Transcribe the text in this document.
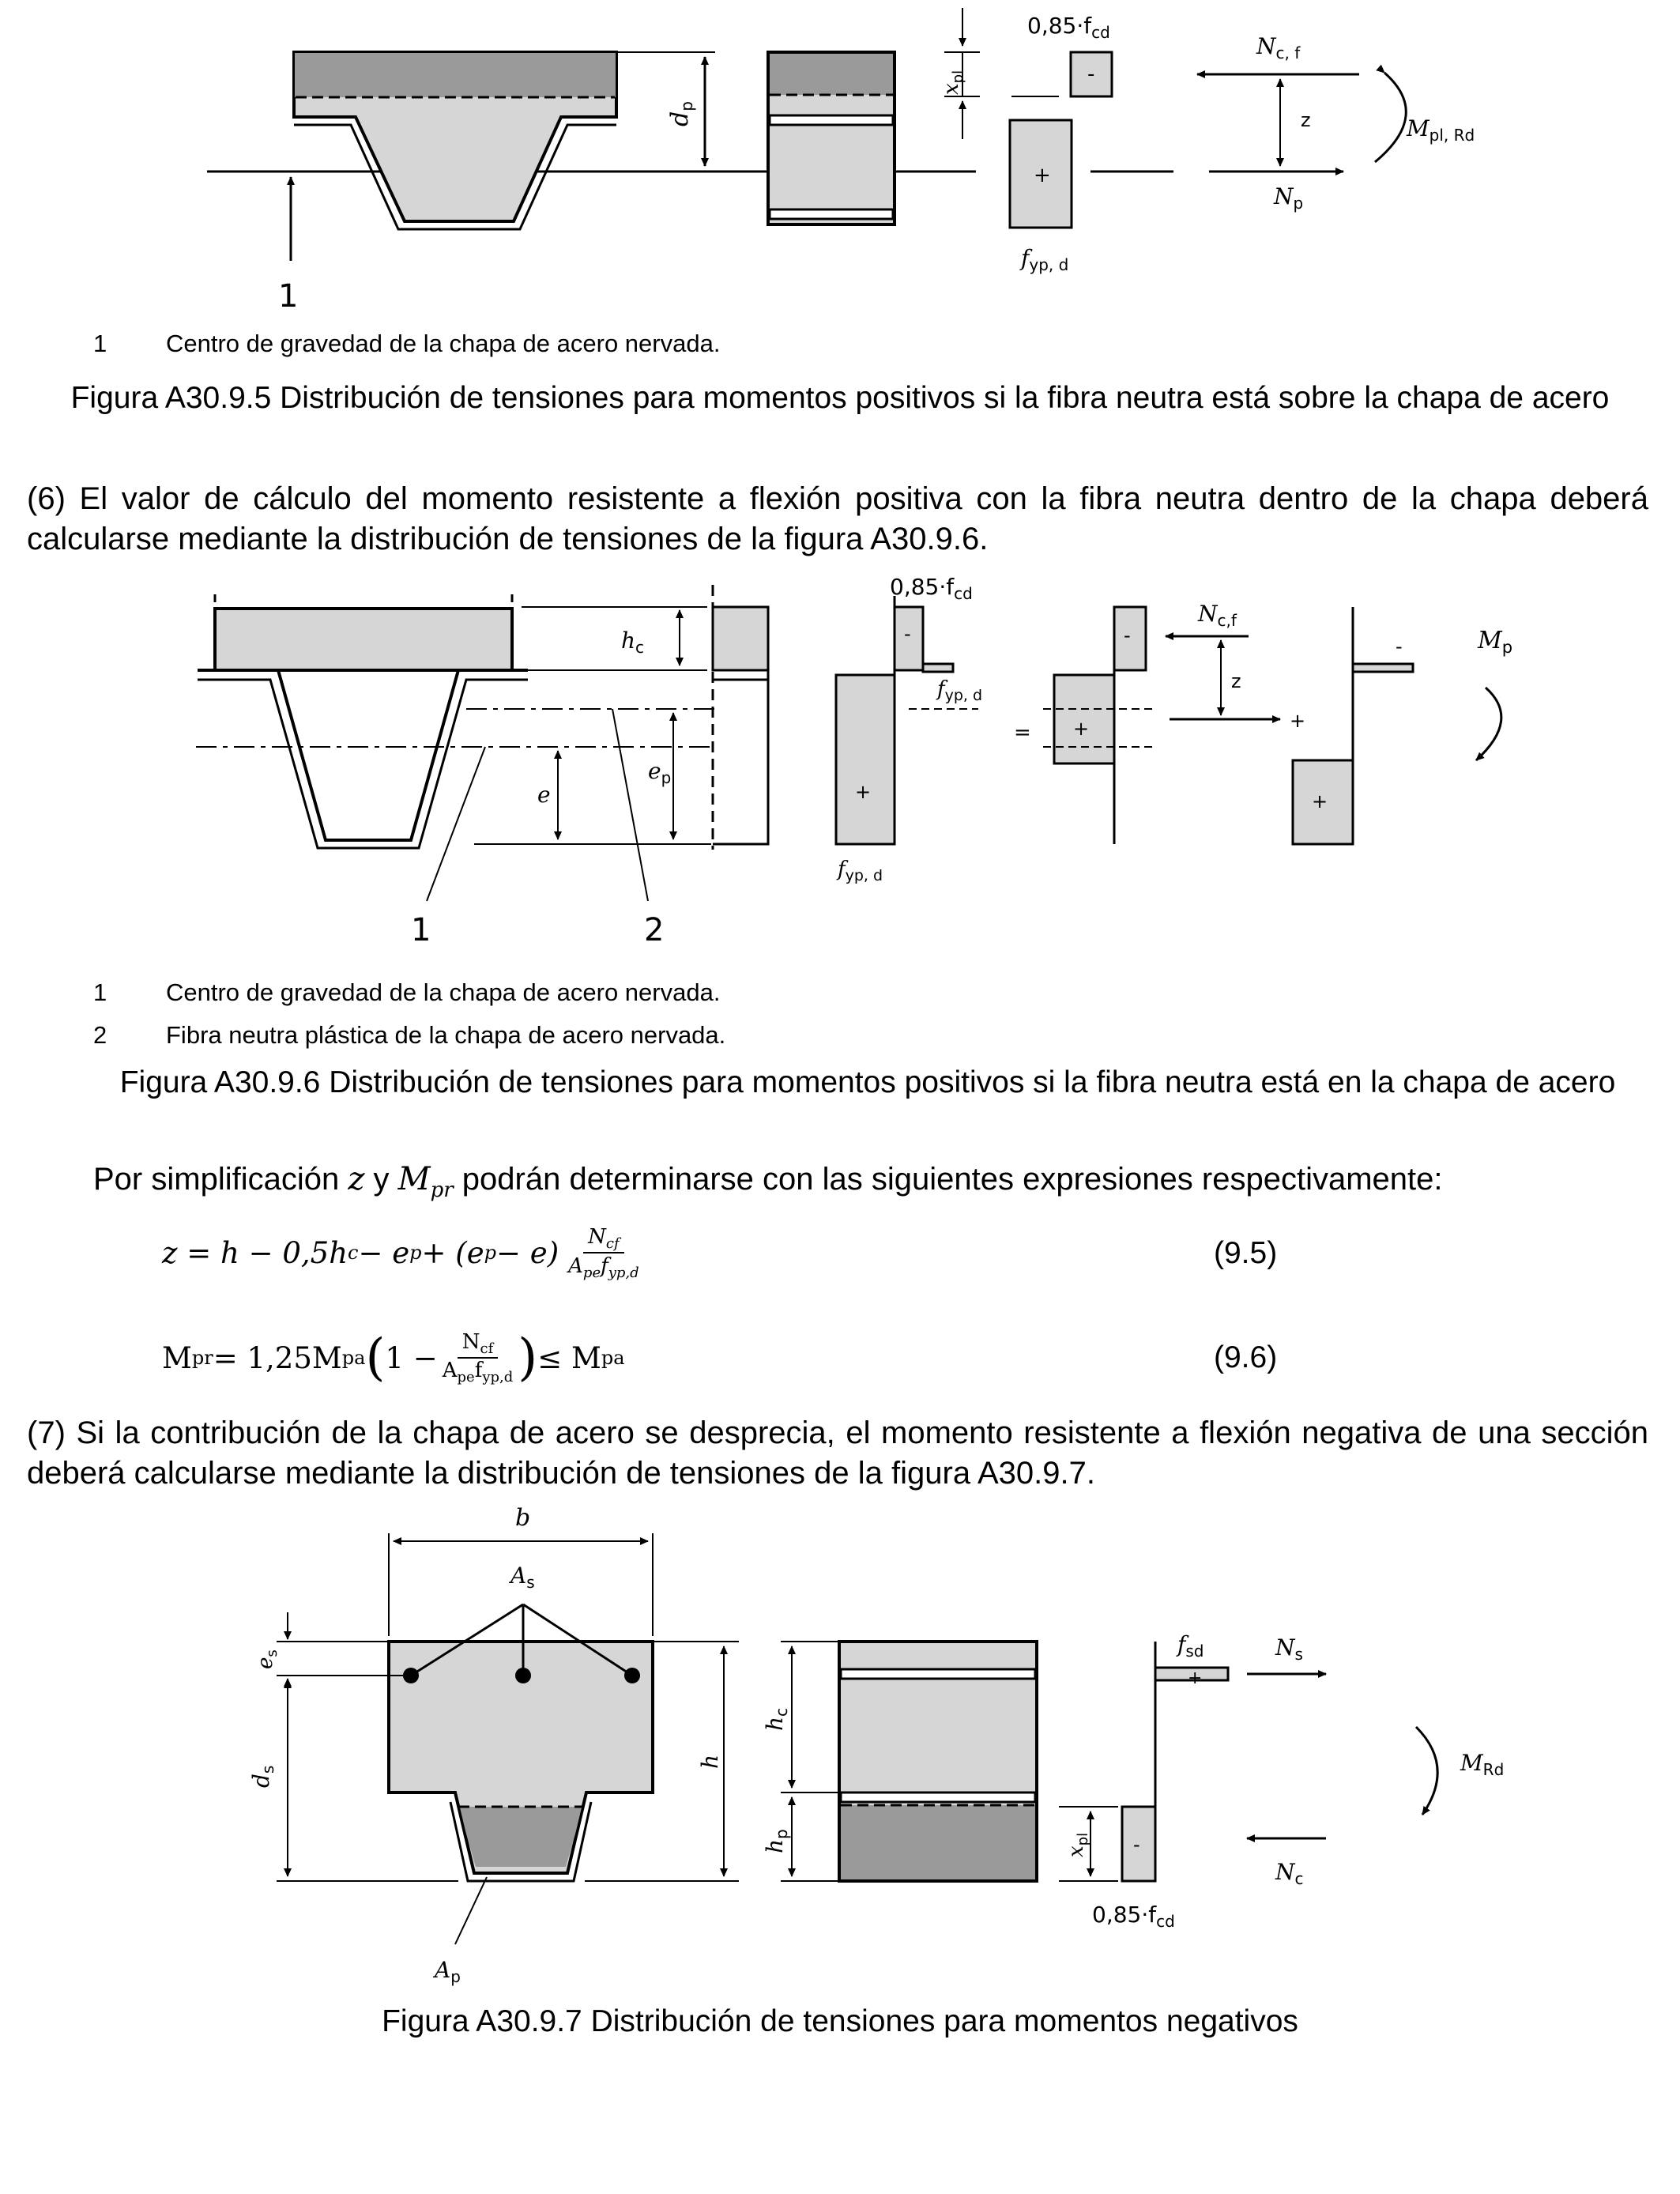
1
$d_p$
$x_{pl}$
$0,85\cdot f_{cd}$
-
+
$f_{yp, d}$
$N_{c, f}$
z
$N_p$
$M_{pl, Rd}$
1 Centro de gravedad de la chapa de acero nervada.
Figura A30.9.5 Distribución de tensiones para momentos positivos si la fibra neutra está sobre la chapa de acero
(6) El valor de cálculo del momento resistente a flexión positiva con la fibra neutra dentro de la chapa deberá calcularse mediante la distribución de tensiones de la figura A30.9.6.
$h_c$
e
$e_p$
$0,85\cdot f_{cd}$
-
+
$f_{yp, d}$
$f_{yp, d}$
=
-
+
$N_{c,f}$
z
+
-
+
$M_p$
1	2
1 Centro de gravedad de la chapa de acero nervada.
2 Fibra neutra plástica de la chapa de acero nervada.
Figura A30.9.6 Distribución de tensiones para momentos positivos si la fibra neutra está en la chapa de acero
Por simplificación z y $M_{pr}$ podrán determinarse con las siguientes expresiones respectivamente:
z = h − 0,5h c − e p + (e p − e) $N_{cf}$
$A_{pe}f_{yp,d}$
(9.5)
M pr = 1,25M pa ( $1 - N_{cf}$
$A_{pe}f_{yp,d}$ ) ≤ M pa	(9.6)
(7) Si la contribución de la chapa de acero se desprecia, el momento resistente a flexión negativa de una sección deberá calcularse mediante la distribución de tensiones de la figura A30.9.7.
b
$A_s$
$e_s$
$d_s$
h
$h_c$
$h_p$
$x_{pl}$
+
-
$f_{sd}$
$0,85\cdot f_{cd}$
$N_s$
$N_c$
$M_{Rd}$
$A_p$
Figura A30.9.7 Distribución de tensiones para momentos negativos
